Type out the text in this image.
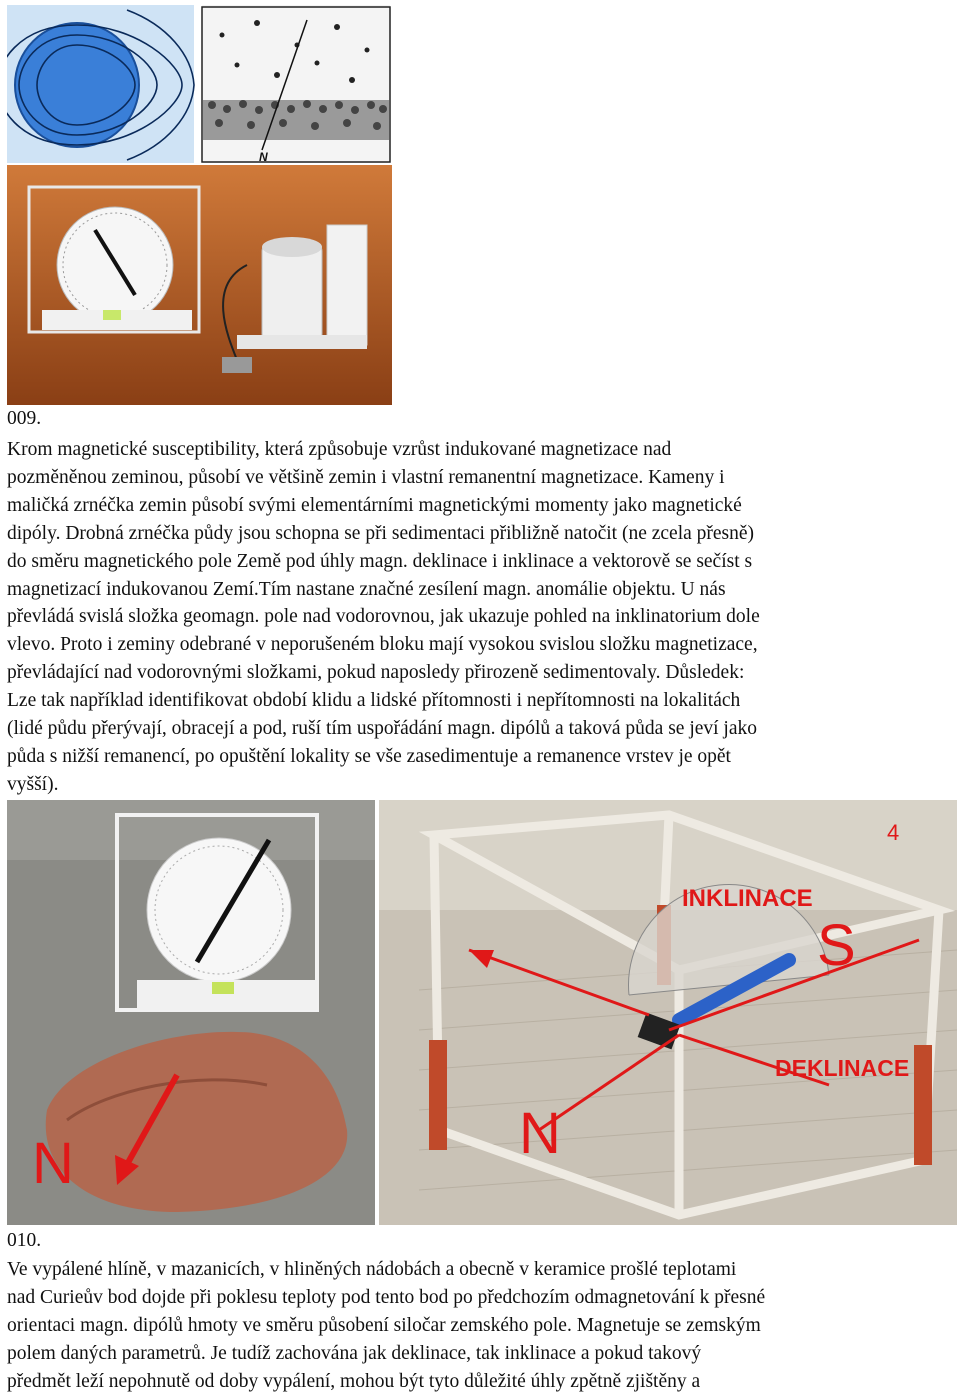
N
009.
Krom magnetické susceptibility, která způsobuje vzrůst indukované magnetizace nad
pozměněnou zeminou, působí ve většině zemin i vlastní remanentní magnetizace. Kameny i
maličká zrnéčka zemin působí svými elementárními magnetickými momenty jako magnetické
dipóly. Drobná zrnéčka půdy jsou schopna se při sedimentaci přibližně natočit (ne zcela přesně)
do směru magnetického pole Země pod úhly magn. deklinace i inklinace a vektorově se sečíst s
magnetizací indukovanou Zemí.Tím nastane značné zesílení magn. anomálie objektu. U nás
převládá svislá složka geomagn. pole nad vodorovnou, jak ukazuje pohled na inklinatorium dole
vlevo. Proto i zeminy odebrané v neporušeném bloku mají vysokou svislou složku magnetizace,
převládající nad vodorovnými složkami, pokud naposledy přirozeně sedimentovaly. Důsledek:
Lze tak například identifikovat období klidu a lidské přítomnosti i nepřítomnosti na lokalitách
(lidé půdu přerývají, obracejí a pod, ruší tím uspořádání magn. dipólů a taková půda se jeví jako
půda s nižší remanencí, po opuštění lokality se vše zasedimentuje a remanence vrstev je opět
vyšší).
N
INKLINACE
DEKLINACE
S
N
4
010.
Ve vypálené hlíně, v mazanicích, v hliněných nádobách a obecně v keramice prošlé teplotami
nad Curieův bod dojde při poklesu teploty pod tento bod po předchozím odmagnetování k přesné
orientaci magn. dipólů hmoty ve směru působení siločar zemského pole. Magnetuje se zemským
polem daných parametrů. Je tudíž zachována jak deklinace, tak inklinace a pokud takový
předmět leží nepohnutě od doby vypálení, mohou být tyto důležité úhly zpětně zjištěny a
